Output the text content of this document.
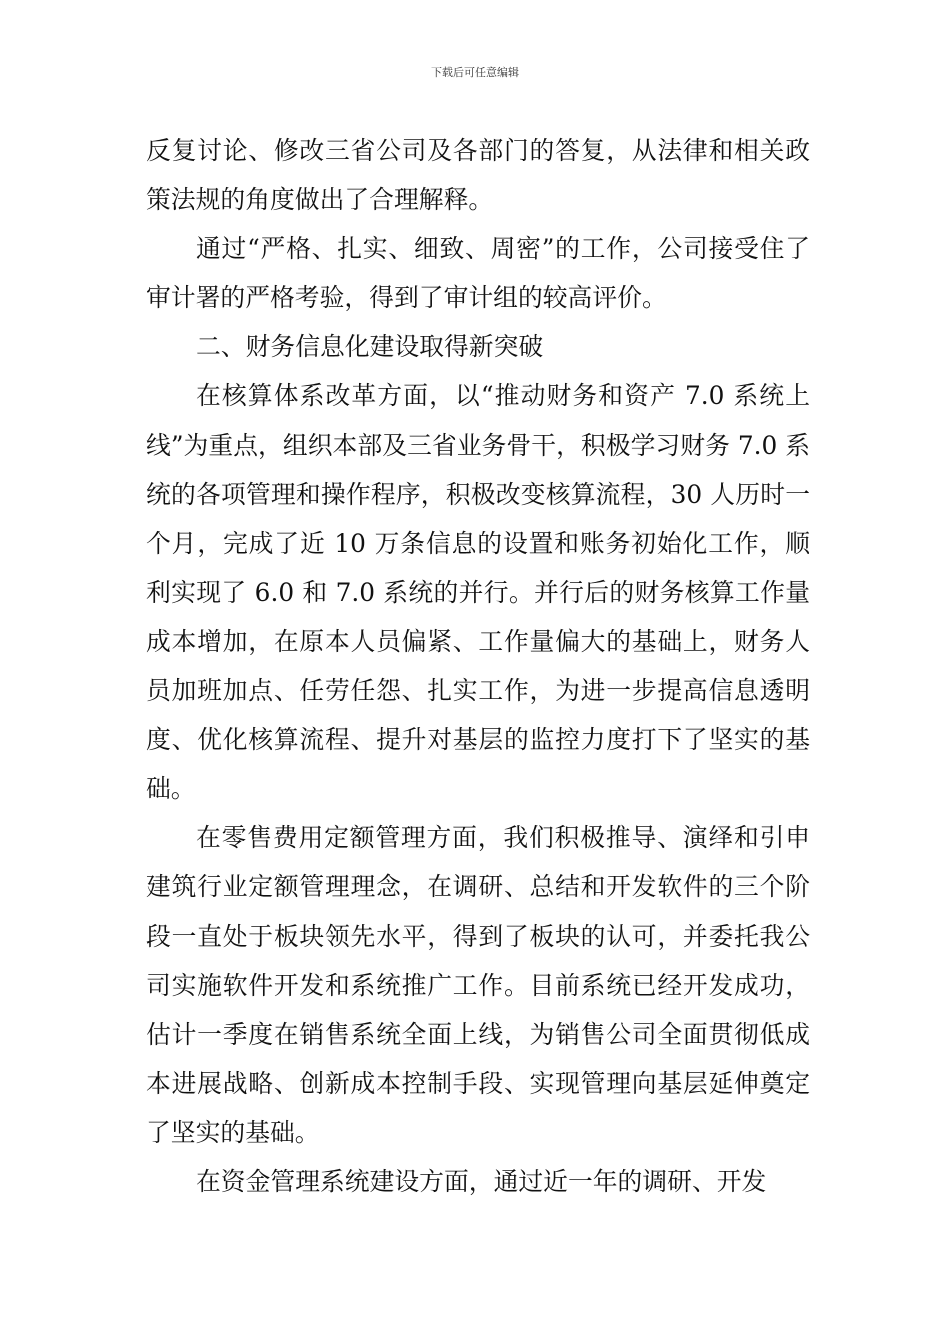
下载后可任意编辑

反复讨论、修改三省公司及各部门的答复，从法律和相关政策法规的角度做出了合理解释。

通过“严格、扎实、细致、周密”的工作，公司接受住了审计署的严格考验，得到了审计组的较高评价。

二、财务信息化建设取得新突破

在核算体系改革方面，以“推动财务和资产 7.0 系统上线”为重点，组织本部及三省业务骨干，积极学习财务 7.0 系统的各项管理和操作程序，积极改变核算流程，30 人历时一个月，完成了近 10 万条信息的设置和账务初始化工作，顺利实现了 6.0 和 7.0 系统的并行。并行后的财务核算工作量成本增加，在原本人员偏紧、工作量偏大的基础上，财务人员加班加点、任劳任怨、扎实工作，为进一步提高信息透明度、优化核算流程、提升对基层的监控力度打下了坚实的基础。

在零售费用定额管理方面，我们积极推导、演绎和引申建筑行业定额管理理念，在调研、总结和开发软件的三个阶段一直处于板块领先水平，得到了板块的认可，并委托我公司实施软件开发和系统推广工作。目前系统已经开发成功，估计一季度在销售系统全面上线，为销售公司全面贯彻低成本进展战略、创新成本控制手段、实现管理向基层延伸奠定了坚实的基础。

在资金管理系统建设方面，通过近一年的调研、开发
